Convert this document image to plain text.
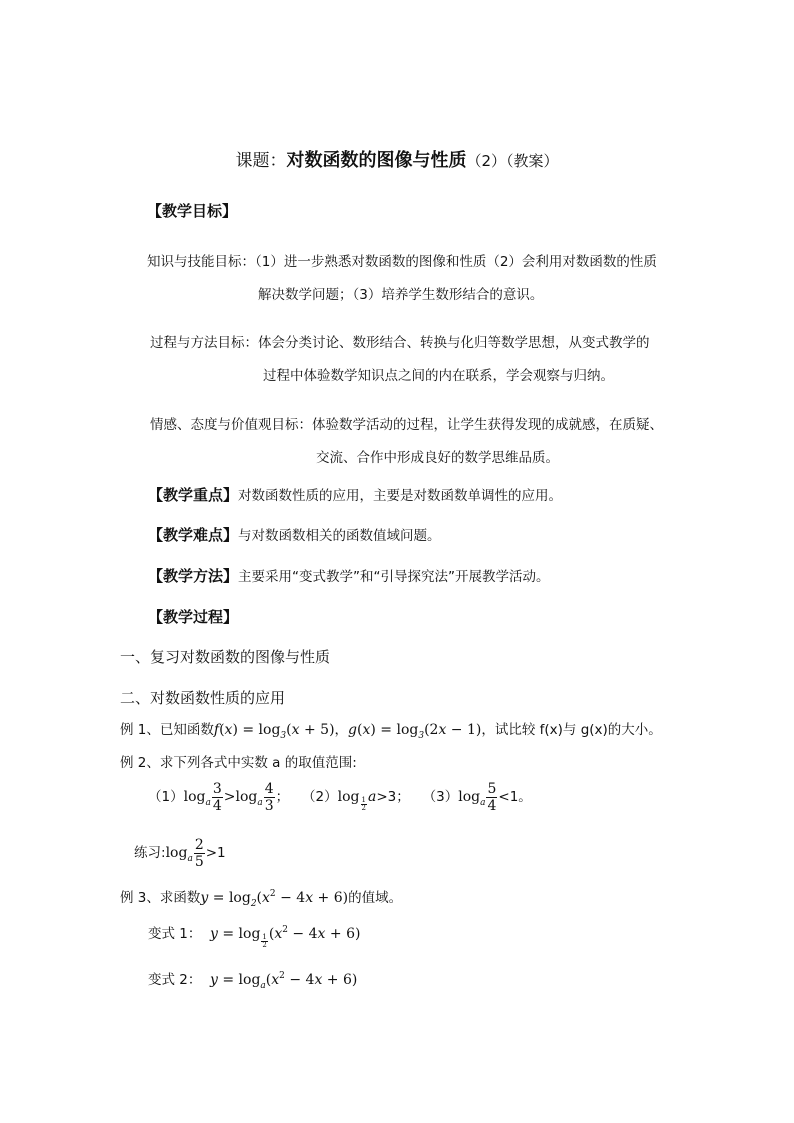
课题：对数函数的图像与性质（2）（教案）
【教学目标】
知识与技能目标：（1）进一步熟悉对数函数的图像和性质（2）会利用对数函数的性质
解决数学问题；（3）培养学生数形结合的意识。
过程与方法目标：体会分类讨论、数形结合、转换与化归等数学思想，从变式教学的
过程中体验数学知识点之间的内在联系，学会观察与归纳。
情感、态度与价值观目标：体验数学活动的过程，让学生获得发现的成就感，在质疑、
交流、合作中形成良好的数学思维品质。
【教学重点】对数函数性质的应用，主要是对数函数单调性的应用。
【教学难点】与对数函数相关的函数值域问题。
【教学方法】主要采用“变式教学”和“引导探究法”开展教学活动。
【教学过程】
一、复习对数函数的图像与性质
二、对数函数性质的应用
例 1、已知函数$f(x) = \log_3(x + 5)$，$g(x) = \log_3(2x - 1)$，试比较 f(x)与 g(x)的大小。
例 2、求下列各式中实数 a 的取值范围:
$(1)\log_a \frac{3}{4} >\log_a \frac{4}{3}$ ；   $(2)\log \frac{1}{2} a>3$； $(3)\log_a \frac{5}{4} <1$。
练习$:\log_a \frac{2}{5} >1$
例 3、求函数$y = \log_2(x^2 - 4x + 6)$的值域。
变式 1： $y = \log \frac{1}{2} (x^2 - 4x + 6)$
变式 2： $y = \log_a(x^2 - 4x + 6)$
